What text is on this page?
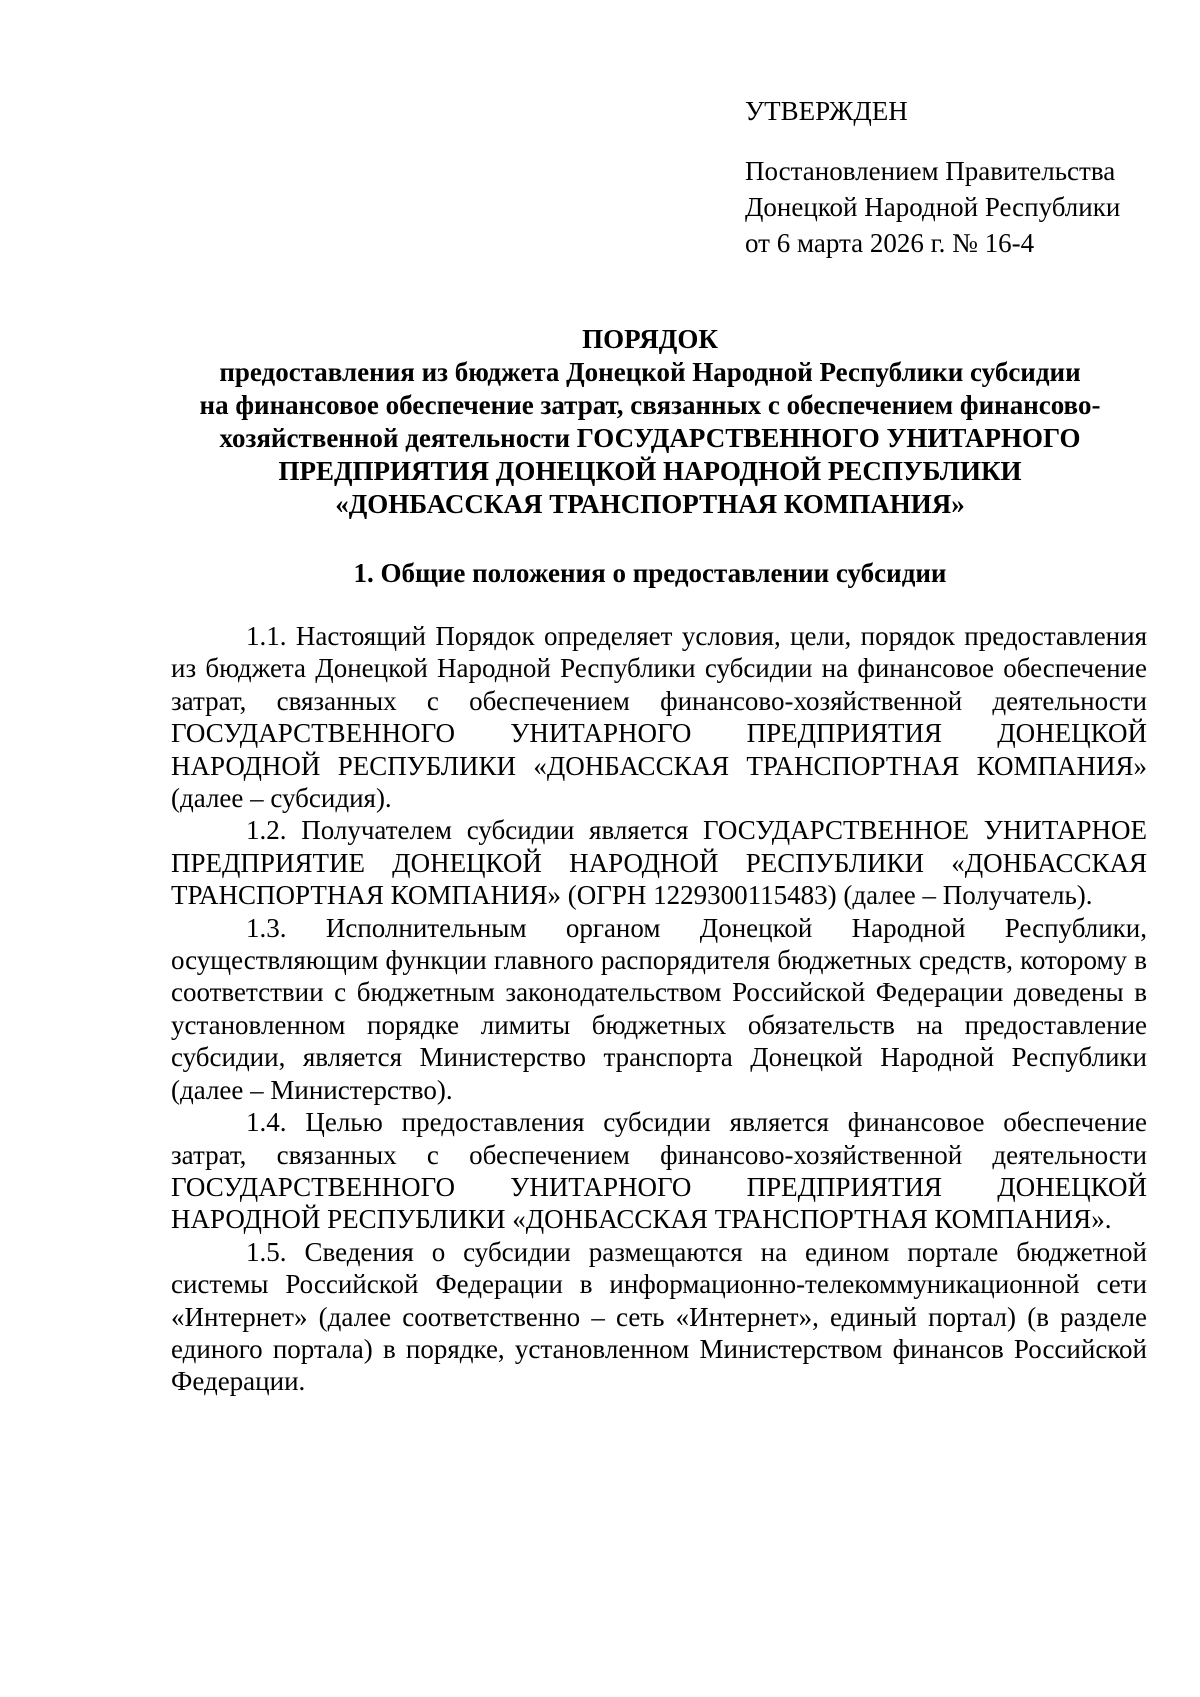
УТВЕРЖДЕН
Постановлением Правительства
Донецкой Народной Республики
от 6 марта 2026 г. № 16-4
ПОРЯДОК
предоставления из бюджета Донецкой Народной Республики субсидии
на финансовое обеспечение затрат, связанных с обеспечением финансово-
хозяйственной деятельности ГОСУДАРСТВЕННОГО УНИТАРНОГО
ПРЕДПРИЯТИЯ ДОНЕЦКОЙ НАРОДНОЙ РЕСПУБЛИКИ
«ДОНБАССКАЯ ТРАНСПОРТНАЯ КОМПАНИЯ»
1. Общие положения о предоставлении субсидии

1.1. Настоящий Порядок определяет условия, цели, порядок предоставления из бюджета Донецкой Народной Республики субсидии на финансовое обеспечение затрат, связанных с обеспечением финансово-хозяйственной деятельности ГОСУДАРСТВЕННОГО УНИТАРНОГО ПРЕДПРИЯТИЯ ДОНЕЦКОЙ НАРОДНОЙ РЕСПУБЛИКИ «ДОНБАССКАЯ ТРАНСПОРТНАЯ КОМПАНИЯ» (далее – субсидия).

1.2. Получателем субсидии является ГОСУДАРСТВЕННОЕ УНИТАРНОЕ ПРЕДПРИЯТИЕ ДОНЕЦКОЙ НАРОДНОЙ РЕСПУБЛИКИ «ДОНБАССКАЯ ТРАНСПОРТНАЯ КОМПАНИЯ» (ОГРН 1229300115483) (далее – Получатель).

1.3. Исполнительным органом Донецкой Народной Республики, осуществляющим функции главного распорядителя бюджетных средств, которому в соответствии с бюджетным законодательством Российской Федерации доведены в установленном порядке лимиты бюджетных обязательств на предоставление субсидии, является Министерство транспорта Донецкой Народной Республики (далее – Министерство).

1.4. Целью предоставления субсидии является финансовое обеспечение затрат, связанных с обеспечением финансово-хозяйственной деятельности ГОСУДАРСТВЕННОГО УНИТАРНОГО ПРЕДПРИЯТИЯ ДОНЕЦКОЙ НАРОДНОЙ РЕСПУБЛИКИ «ДОНБАССКАЯ ТРАНСПОРТНАЯ КОМПАНИЯ».

1.5. Сведения о субсидии размещаются на едином портале бюджетной системы Российской Федерации в информационно-телекоммуникационной сети «Интернет» (далее соответственно – сеть «Интернет», единый портал) (в разделе единого портала) в порядке, установленном Министерством финансов Российской Федерации.
